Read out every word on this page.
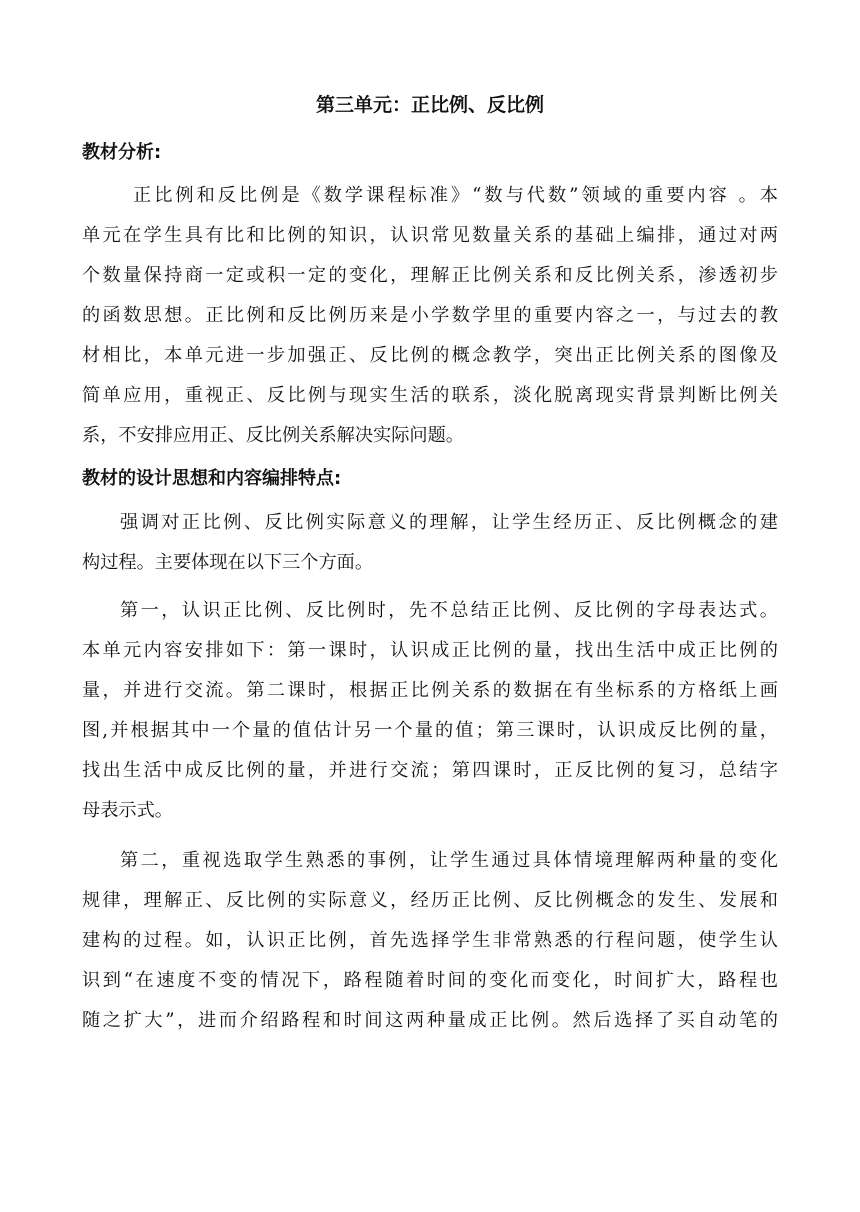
第三单元：正比例、反比例
教材分析:
正比例和反比例是《数学课程标准》“数与代数”领域的重要内容 。本
单元在学生具有比和比例的知识，认识常见数量关系的基础上编排，通过对两
个数量保持商一定或积一定的变化，理解正比例关系和反比例关系，渗透初步
的函数思想。正比例和反比例历来是小学数学里的重要内容之一，与过去的教
材相比，本单元进一步加强正、反比例的概念教学，突出正比例关系的图像及
简单应用，重视正、反比例与现实生活的联系，淡化脱离现实背景判断比例关
系，不安排应用正、反比例关系解决实际问题。
教材的设计思想和内容编排特点:
强调对正比例、反比例实际意义的理解，让学生经历正、反比例概念的建
构过程。主要体现在以下三个方面。
第一，认识正比例、反比例时，先不总结正比例、反比例的字母表达式。
本单元内容安排如下：第一课时，认识成正比例的量，找出生活中成正比例的
量，并进行交流。第二课时，根据正比例关系的数据在有坐标系的方格纸上画
图,并根据其中一个量的值估计另一个量的值；第三课时，认识成反比例的量，
找出生活中成反比例的量，并进行交流；第四课时，正反比例的复习，总结字
母表示式。
第二，重视选取学生熟悉的事例，让学生通过具体情境理解两种量的变化
规律，理解正、反比例的实际意义，经历正比例、反比例概念的发生、发展和
建构的过程。如，认识正比例，首先选择学生非常熟悉的行程问题，使学生认
识到“在速度不变的情况下，路程随着时间的变化而变化，时间扩大，路程也
随之扩大”，进而介绍路程和时间这两种量成正比例。然后选择了买自动笔的
